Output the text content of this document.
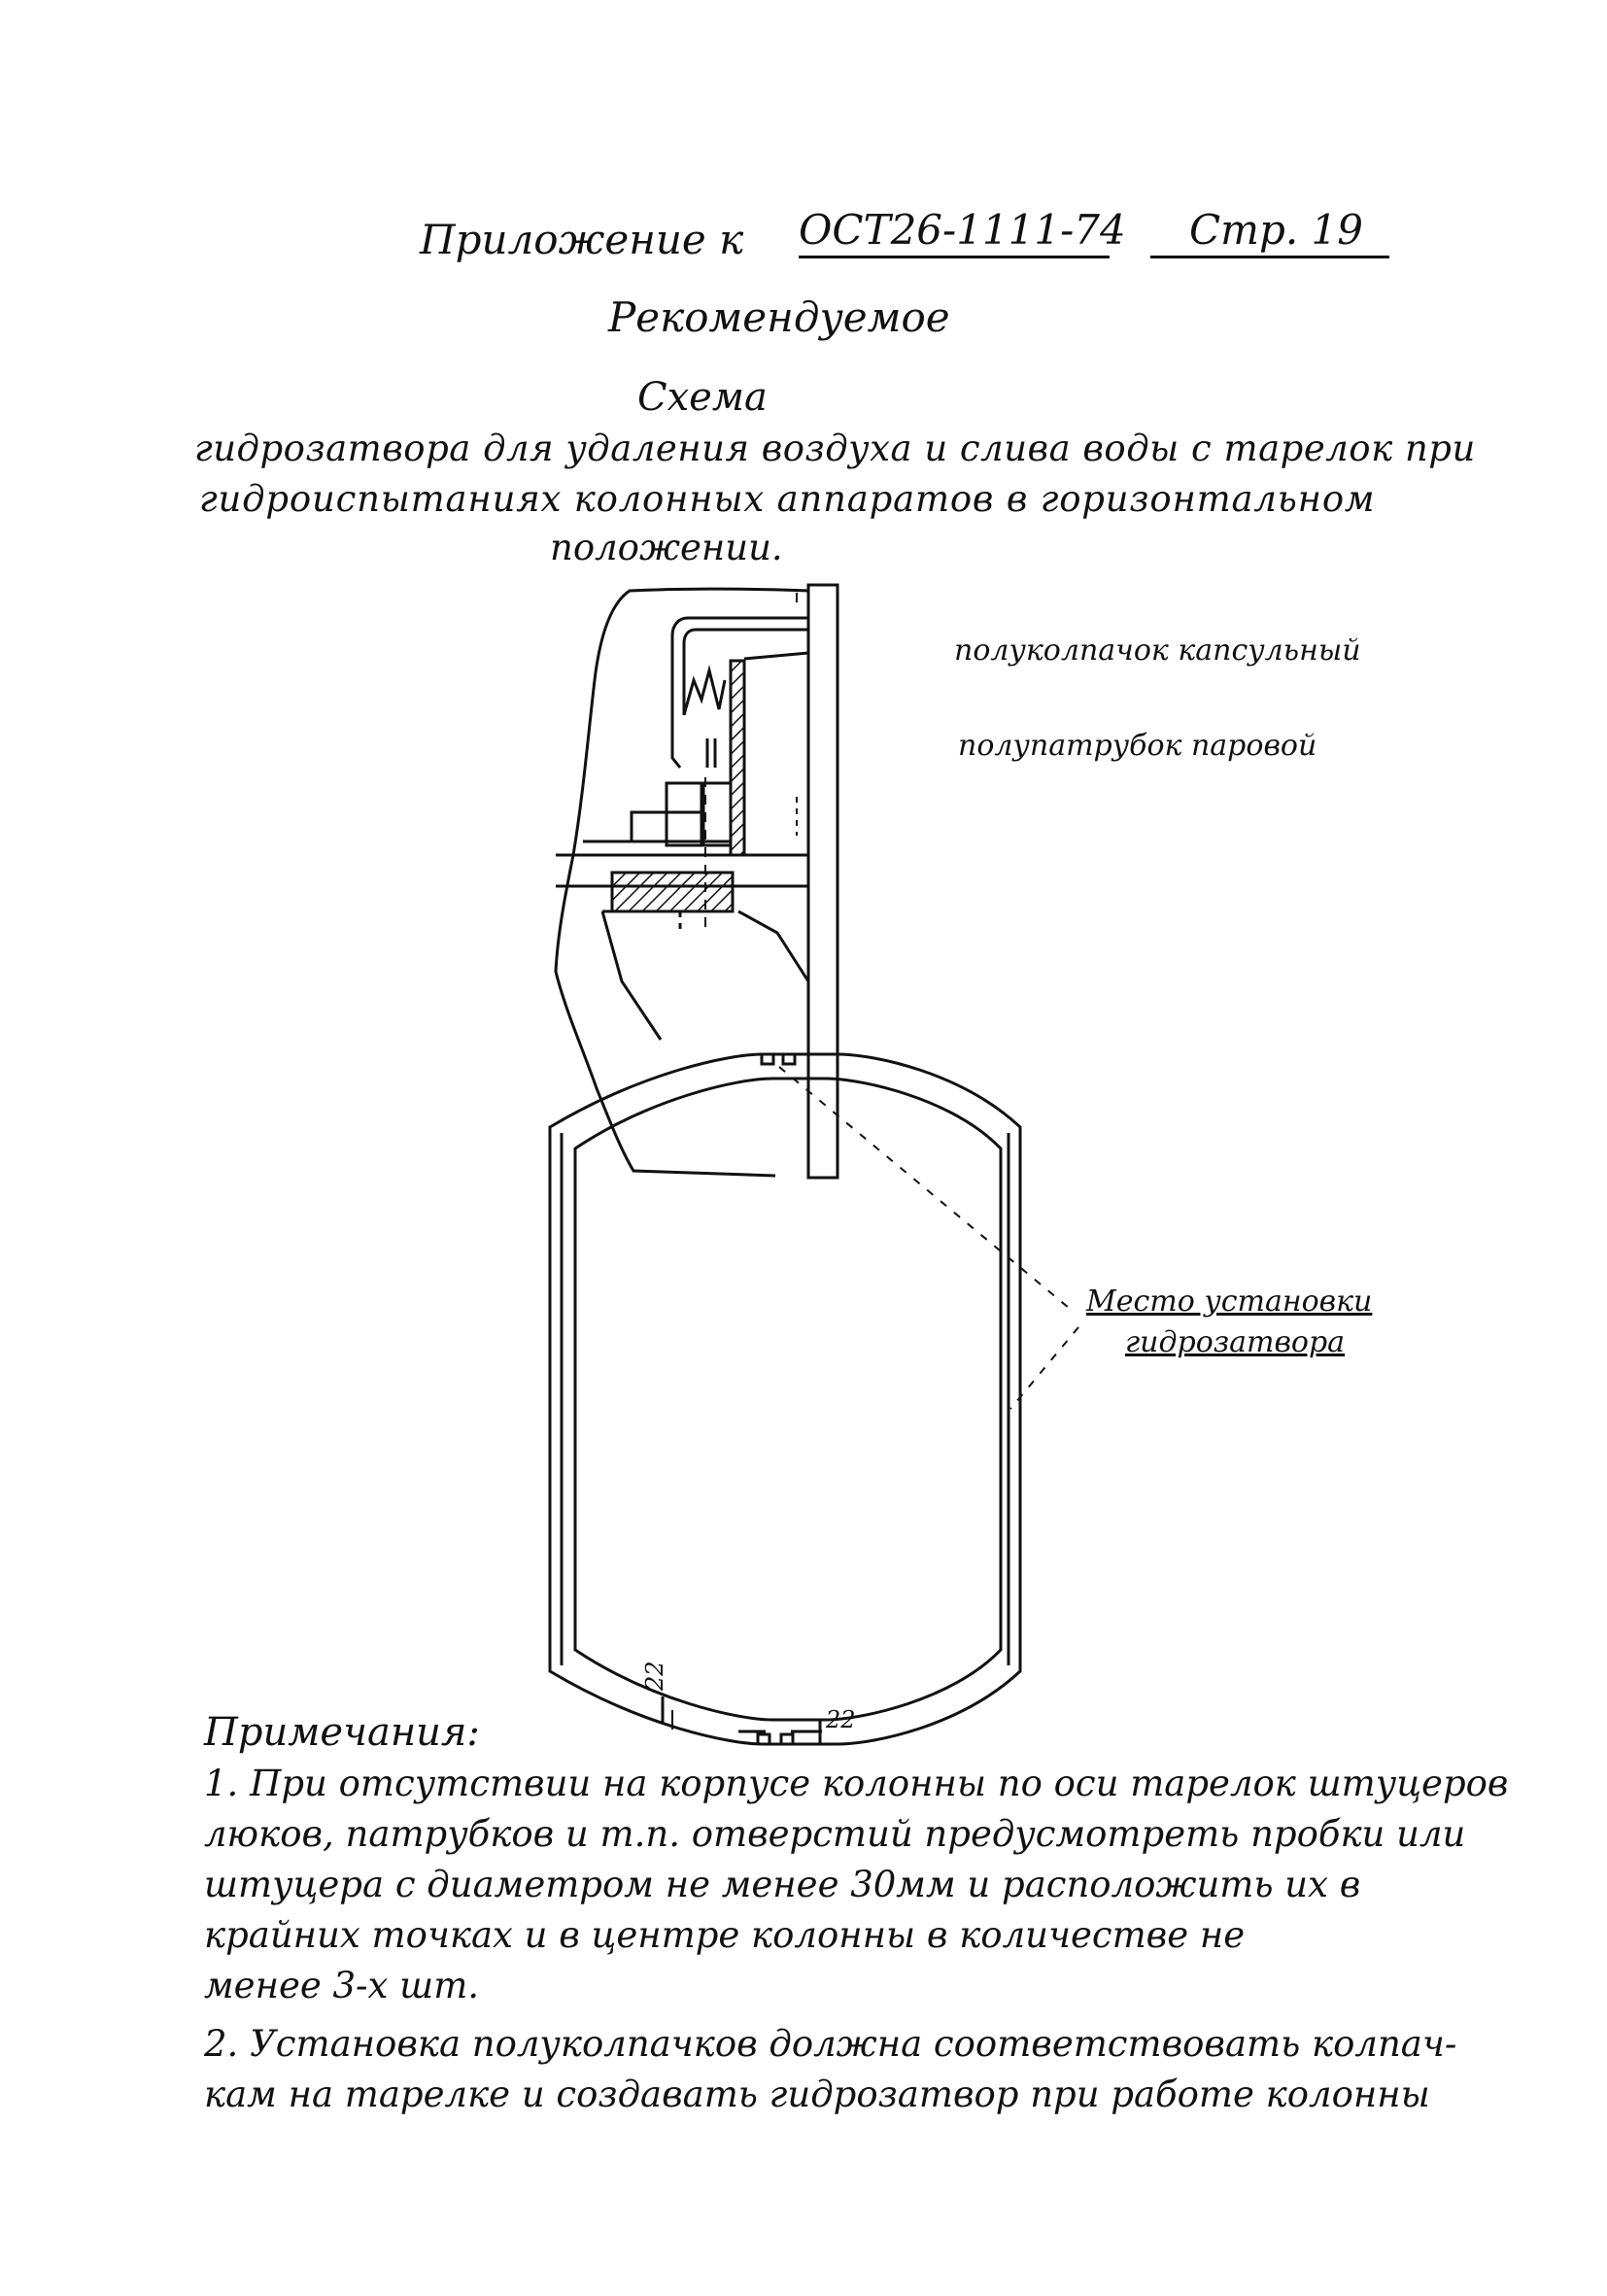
Приложение к ОСТ26-1111-74	Стр. 19
Рекомендуемое
Схема
гидрозатвора для удаления воздуха и слива воды с тарелок при
гидроиспытаниях колонных аппаратов в горизонтальном
положении.
полуколпачок капсульный
полупатрубок паровой
Место установки
гидрозатвора
22
22
Примечания:
1. При отсутствии на корпусе колонны по оси тарелок штуцеров
люков, патрубков и т.п. отверстий предусмотреть пробки или
штуцера с диаметром не менее 30мм и расположить их в
крайних точках и в центре колонны в количестве не
менее 3-х шт.
2. Установка полуколпачков должна соответствовать колпач-
кам на тарелке и создавать гидрозатвор при работе колонны
